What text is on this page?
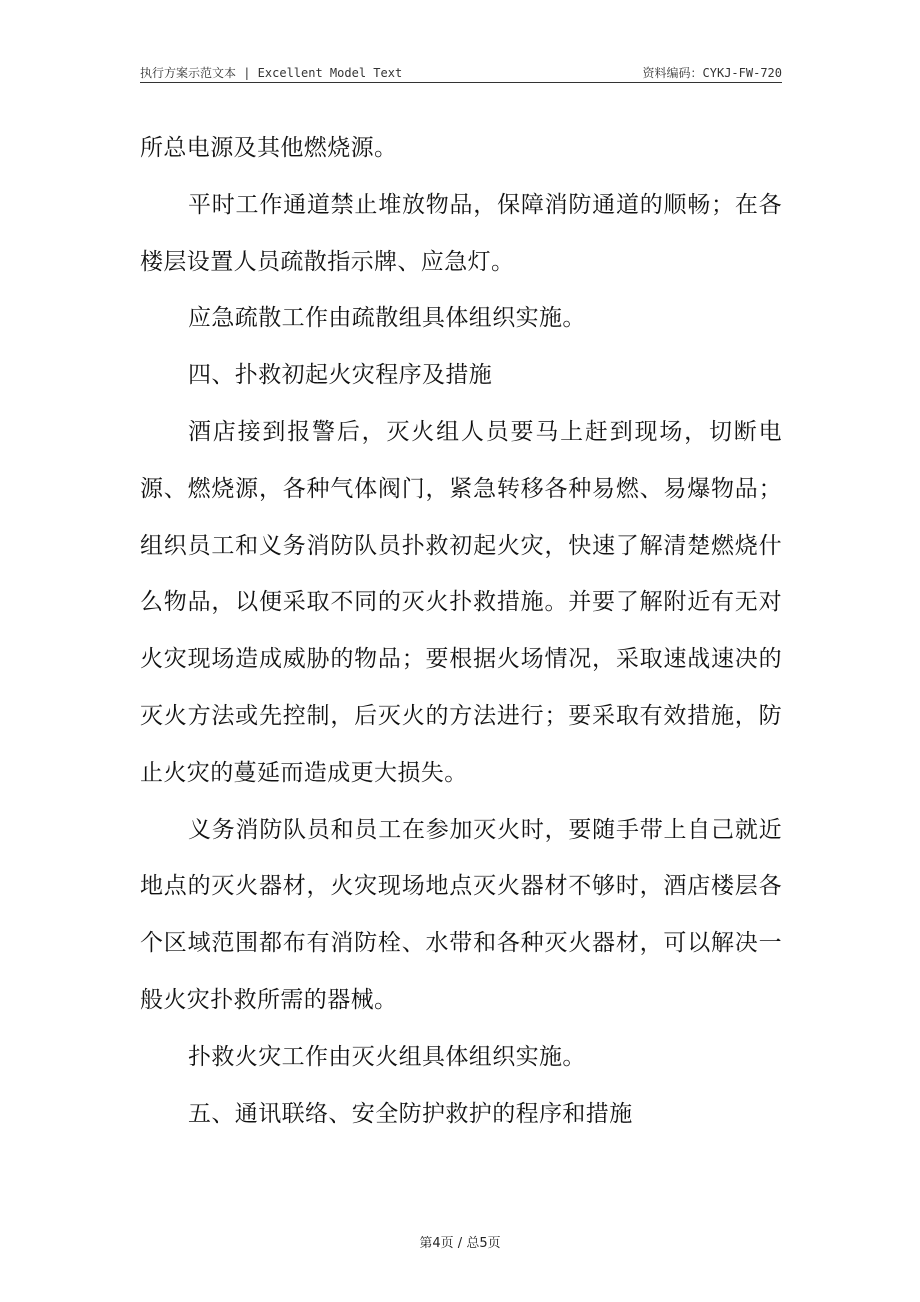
执行方案示范文本 | Excellent Model Text	资料编码：CYKJ-FW-720

所总电源及其他燃烧源。

平时工作通道禁止堆放物品，保障消防通道的顺畅；在各楼层设置人员疏散指示牌、应急灯。

应急疏散工作由疏散组具体组织实施。

四、扑救初起火灾程序及措施

酒店接到报警后，灭火组人员要马上赶到现场，切断电源、燃烧源，各种气体阀门，紧急转移各种易燃、易爆物品；组织员工和义务消防队员扑救初起火灾，快速了解清楚燃烧什么物品，以便采取不同的灭火扑救措施。并要了解附近有无对火灾现场造成威胁的物品；要根据火场情况，采取速战速决的灭火方法或先控制，后灭火的方法进行；要采取有效措施，防止火灾的蔓延而造成更大损失。

义务消防队员和员工在参加灭火时，要随手带上自己就近地点的灭火器材，火灾现场地点灭火器材不够时，酒店楼层各个区域范围都布有消防栓、水带和各种灭火器材，可以解决一般火灾扑救所需的器械。

扑救火灾工作由灭火组具体组织实施。

五、通讯联络、安全防护救护的程序和措施

第4页 / 总5页
